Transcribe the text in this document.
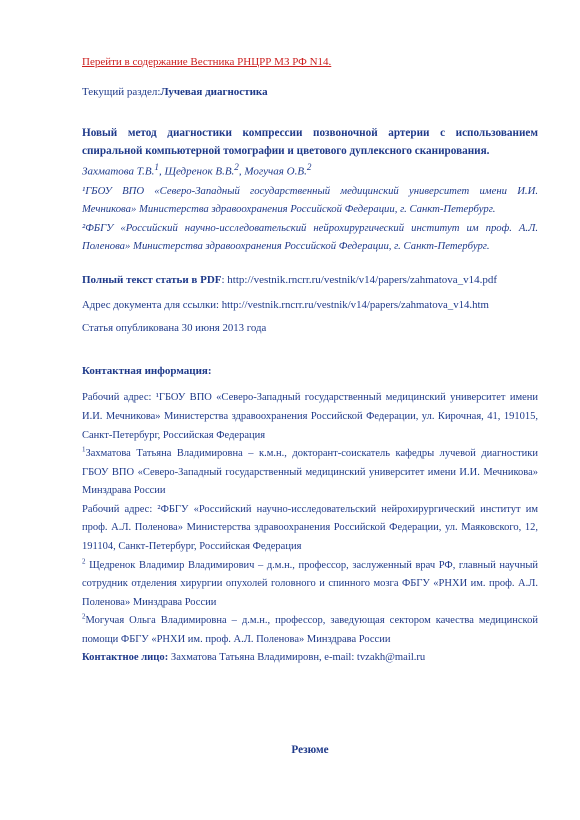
Перейти в содержание Вестника РНЦРР МЗ РФ N14.

Текущий раздел:Лучевая диагностика

Новый метод диагностики компрессии позвоночной артерии с использованием спиральной компьютерной томографии и цветового дуплексного сканирования.

Захматова Т.В.$^1$, Щедренок В.В.$^2$, Могучая О.В.$^2$

¹ГБОУ ВПО «Северо-Западный государственный медицинский университет имени И.И. Мечникова» Министерства здравоохранения Российской Федерации, г. Санкт-Петербург.

²ФБГУ «Российский научно-исследовательский нейрохирургический институт им проф. А.Л. Поленова» Министерства здравоохранения Российской Федерации, г. Санкт-Петербург.

Полный текст статьи в PDF: http://vestnik.rncrr.ru/vestnik/v14/papers/zahmatova_v14.pdf

Адрес документа для ссылки: http://vestnik.rncrr.ru/vestnik/v14/papers/zahmatova_v14.htm

Статья опубликована 30 июня 2013 года

Контактная информация:

Рабочий адрес: ¹ГБОУ ВПО «Северо-Западный государственный медицинский университет имени И.И. Мечникова» Министерства здравоохранения Российской Федерации, ул. Кирочная, 41, 191015, Санкт-Петербург, Российская Федерация

$^1$Захматова Татьяна Владимировна – к.м.н., докторант-соискатель кафедры лучевой диагностики ГБОУ ВПО «Северо-Западный государственный медицинский университет имени И.И. Мечникова» Минздрава России

Рабочий адрес: ²ФБГУ «Российский научно-исследовательский нейрохирургический институт им проф. А.Л. Поленова» Министерства здравоохранения Российской Федерации, ул. Маяковского, 12, 191104, Санкт-Петербург, Российская Федерация

$^2$ Щедренок Владимир Владимирович – д.м.н., профессор, заслуженный врач РФ, главный научный сотрудник отделения хирургии опухолей головного и спинного мозга ФБГУ «РНХИ им. проф. А.Л. Поленова» Минздрава России

$^2$Могучая Ольга Владимировна – д.м.н., профессор, заведующая сектором качества медицинской помощи ФБГУ «РНХИ им. проф. А.Л. Поленова» Минздрава России

Контактное лицо: Захматова Татьяна Владимировн, e-mail: tvzakh@mail.ru

Резюме
